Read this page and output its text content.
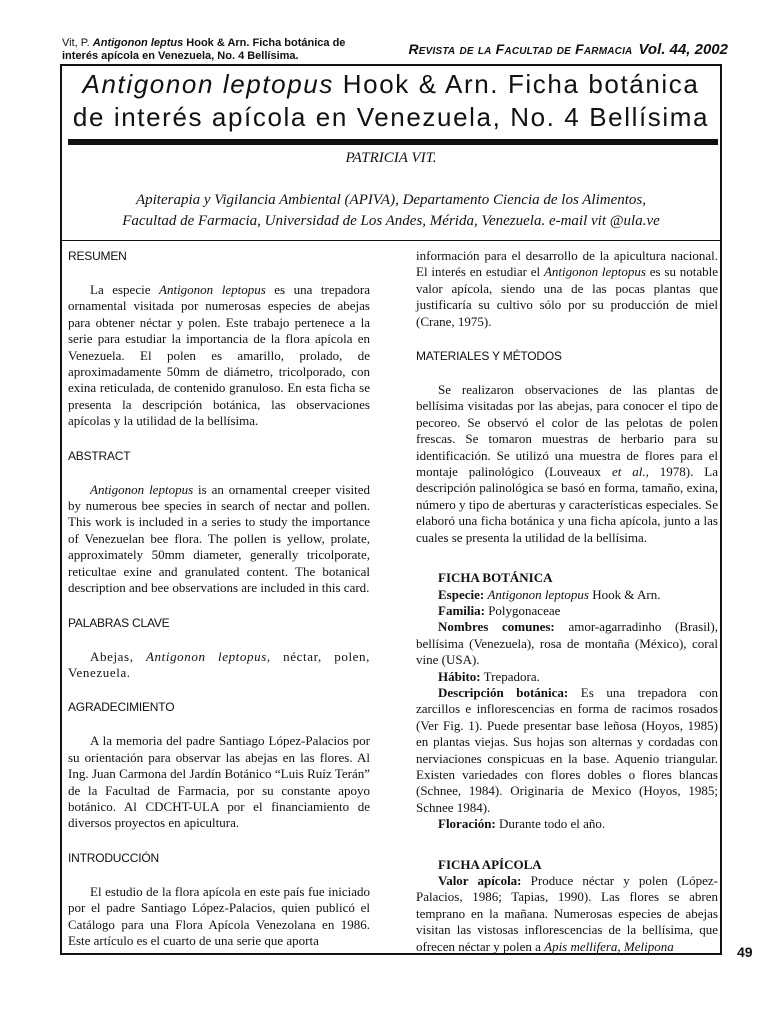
Vit, P. Antigonon leptus Hook & Arn. Ficha botánica de interés apícola en Venezuela, No. 4 Bellísima.	Revista de la Facultad de Farmacia Vol. 44, 2002
Antigonon leptopus Hook & Arn. Ficha botánica
de interés apícola en Venezuela, No. 4 Bellísima
PATRICIA VIT.
Apiterapia y Vigilancia Ambiental (APIVA), Departamento Ciencia de los Alimentos,
Facultad de Farmacia, Universidad de Los Andes, Mérida, Venezuela. e-mail vit @ula.ve
RESUMEN

La especie Antigonon leptopus es una trepadora ornamental visitada por numerosas especies de abejas para obtener néctar y polen. Este trabajo pertenece a la serie para estudiar la importancia de la flora apícola en Venezuela. El polen es amarillo, prolado, de aproximadamente 50mm de diámetro, tricolporado, con exina reticulada, de contenido granuloso. En esta ficha se presenta la descripción botánica, las observaciones apícolas y la utilidad de la bellísima.

ABSTRACT

Antigonon leptopus is an ornamental creeper visited by numerous bee species in search of nectar and pollen. This work is included in a series to study the importance of Venezuelan bee flora. The pollen is yellow, prolate, approximately 50mm diameter, generally tricolporate, reticultae exine and granulated content. The botanical description and bee observations are included in this card.

PALABRAS CLAVE

Abejas, Antigonon leptopus, néctar, polen, Venezuela.

AGRADECIMIENTO

A la memoria del padre Santiago López-Palacios por su orientación para observar las abejas en las flores. Al Ing. Juan Carmona del Jardín Botánico “Luis Ruíz Terán” de la Facultad de Farmacia, por su constante apoyo botánico. Al CDCHT-ULA por el financiamiento de diversos proyectos en apicultura.

INTRODUCCIÓN

El estudio de la flora apícola en este país fue iniciado por el padre Santiago López-Palacios, quien publicó el Catálogo para una Flora Apícola Venezolana en 1986. Este artículo es el cuarto de una serie que aporta

información para el desarrollo de la apicultura nacional. El interés en estudiar el Antigonon leptopus es su notable valor apícola, siendo una de las pocas plantas que justificaría su cultivo sólo por su producción de miel (Crane, 1975).

MATERIALES Y MÉTODOS

Se realizaron observaciones de las plantas de bellísima visitadas por las abejas, para conocer el tipo de pecoreo. Se observó el color de las pelotas de polen frescas. Se tomaron muestras de herbario para su identificación. Se utilizó una muestra de flores para el montaje palinológico (Louveaux et al., 1978). La descripción palinológica se basó en forma, tamaño, exina, número y tipo de aberturas y características especiales. Se elaboró una ficha botánica y una ficha apícola, junto a las cuales se presenta la utilidad de la bellísima.

FICHA BOTÁNICA

Especie: Antigonon leptopus Hook & Arn.

Familia: Polygonaceae

Nombres comunes: amor-agarradinho (Brasil), bellísima (Venezuela), rosa de montaña (México), coral vine (USA).

Hábito: Trepadora.

Descripción botánica: Es una trepadora con zarcillos e inflorescencias en forma de racimos rosados (Ver Fig. 1). Puede presentar base leñosa (Hoyos, 1985) en plantas viejas. Sus hojas son alternas y cordadas con nerviaciones conspicuas en la base. Aquenio triangular. Existen variedades con flores dobles o flores blancas (Schnee, 1984). Originaria de Mexico (Hoyos, 1985; Schnee 1984).

Floración: Durante todo el año.

FICHA APÍCOLA

Valor apícola: Produce néctar y polen (López-Palacios, 1986; Tapias, 1990). Las flores se abren temprano en la mañana. Numerosas especies de abejas visitan las vistosas inflorescencias de la bellísima, que ofrecen néctar y polen a Apis mellifera, Melipona	49
